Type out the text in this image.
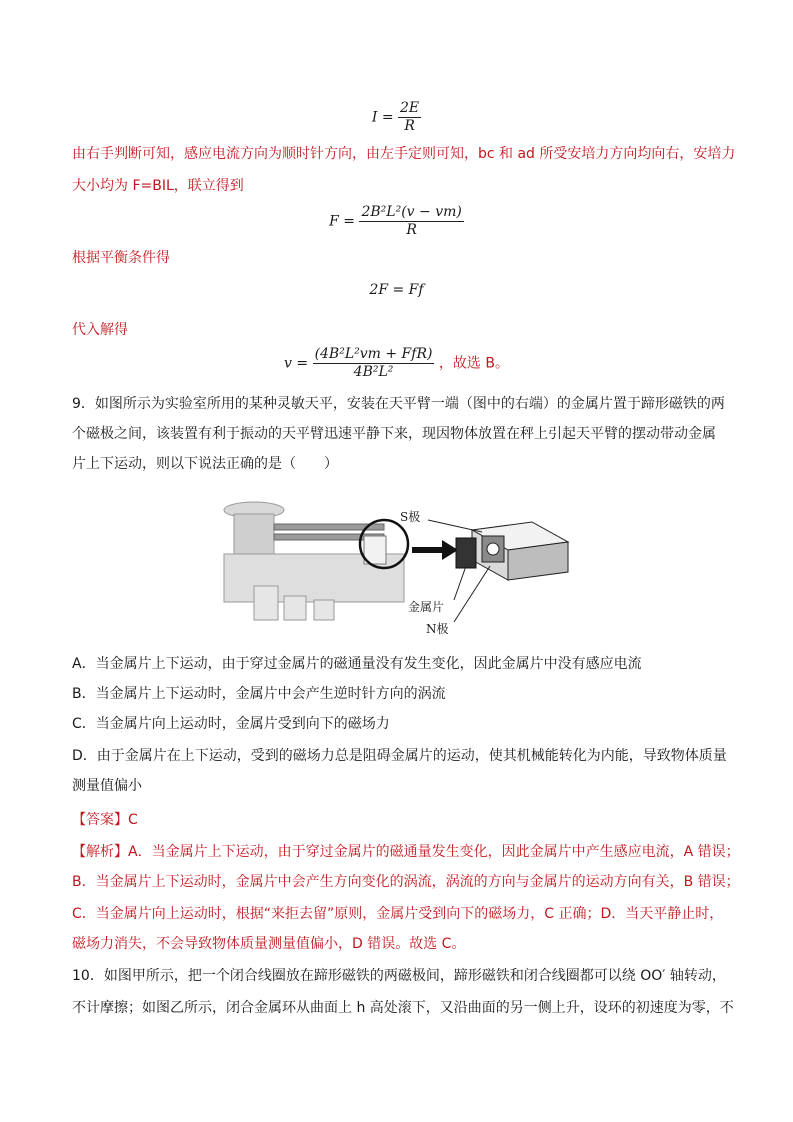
$I = \frac{2E}{R}$
由右手判断可知，感应电流方向为顺时针方向，由左手定则可知，bc 和 ad 所受安培力方向均向右，安培力
大小均为 F=BIL，联立得到
$F = \frac{\text{2B²L²(v − vm)}}{R}$
根据平衡条件得
2F = Ff
代入解得
$v = \frac{\text{(4B²L²vm + FfR)}}{\text{4B²L²}}$ ，故选 B。
9．如图所示为实验室所用的某种灵敏天平，安装在天平臂一端（图中的右端）的金属片置于蹄形磁铁的两
个磁极之间，该装置有利于振动的天平臂迅速平静下来，现因物体放置在秤上引起天平臂的摆动带动金属
片上下运动，则以下说法正确的是（　　）
S极
金属片
N极
A．当金属片上下运动，由于穿过金属片的磁通量没有发生变化，因此金属片中没有感应电流
B．当金属片上下运动时，金属片中会产生逆时针方向的涡流
C．当金属片向上运动时，金属片受到向下的磁场力
D．由于金属片在上下运动，受到的磁场力总是阻碍金属片的运动，使其机械能转化为内能，导致物体质量
测量值偏小
【答案】C
【解析】A．当金属片上下运动，由于穿过金属片的磁通量发生变化，因此金属片中产生感应电流，A 错误；
B．当金属片上下运动时，金属片中会产生方向变化的涡流，涡流的方向与金属片的运动方向有关，B 错误；
C．当金属片向上运动时，根据“来拒去留”原则，金属片受到向下的磁场力，C 正确；D．当天平静止时，
磁场力消失，不会导致物体质量测量值偏小，D 错误。故选 C。
10．如图甲所示，把一个闭合线圈放在蹄形磁铁的两磁极间，蹄形磁铁和闭合线圈都可以绕 OO′ 轴转动，
不计摩擦；如图乙所示，闭合金属环从曲面上 h 高处滚下，又沿曲面的另一侧上升，设环的初速度为零，不
